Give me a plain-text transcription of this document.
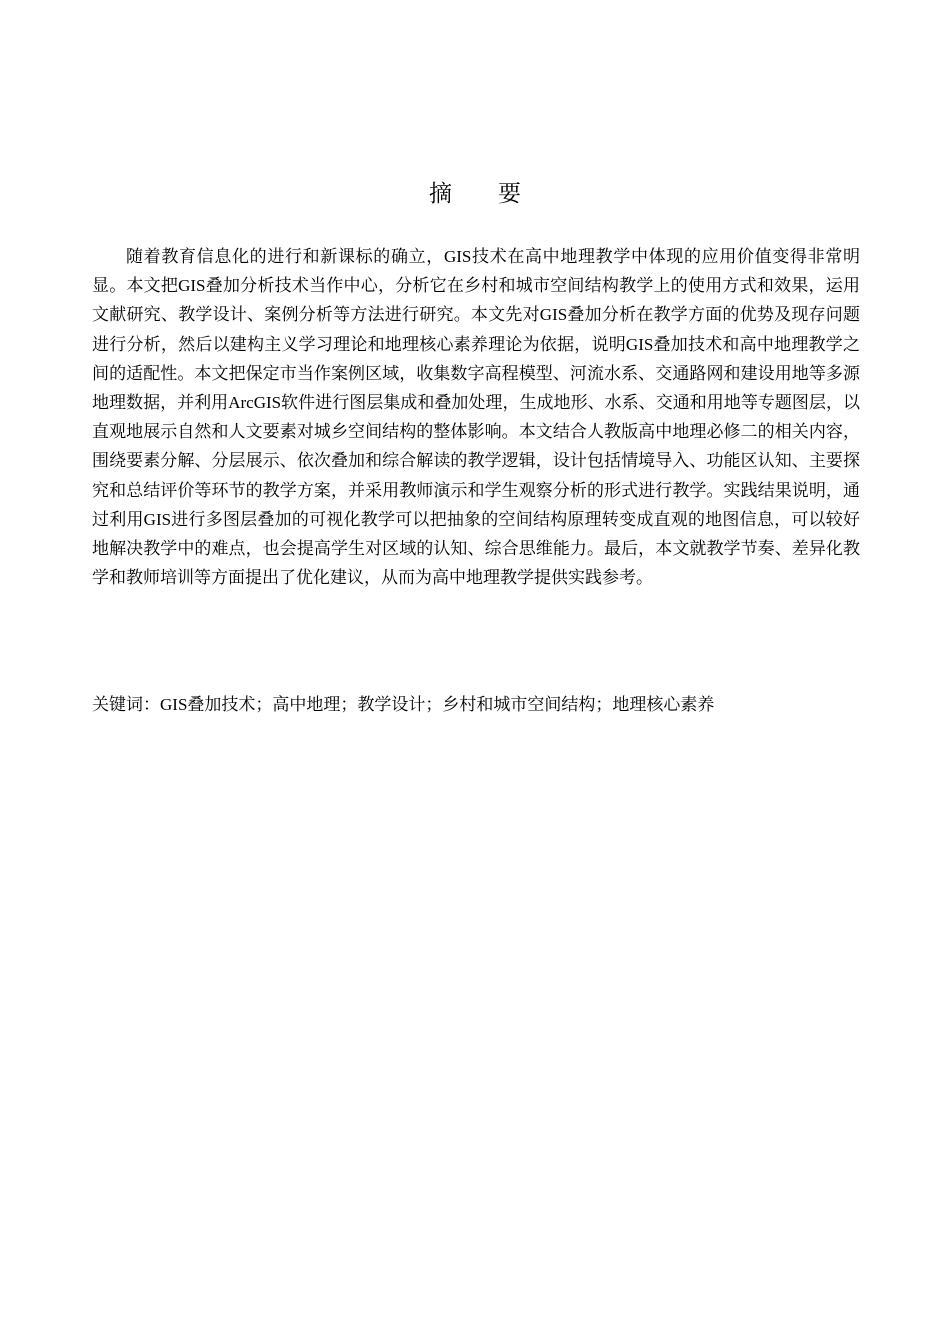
摘 要

随着教育信息化的进行和新课标的确立，GIS技术在高中地理教学中体现的应用价值变得非常明显。本文把GIS叠加分析技术当作中心，分析它在乡村和城市空间结构教学上的使用方式和效果，运用文献研究、教学设计、案例分析等方法进行研究。本文先对GIS叠加分析在教学方面的优势及现存问题进行分析，然后以建构主义学习理论和地理核心素养理论为依据，说明GIS叠加技术和高中地理教学之间的适配性。本文把保定市当作案例区域，收集数字高程模型、河流水系、交通路网和建设用地等多源地理数据，并利用ArcGIS软件进行图层集成和叠加处理，生成地形、水系、交通和用地等专题图层，以直观地展示自然和人文要素对城乡空间结构的整体影响。本文结合人教版高中地理必修二的相关内容，围绕要素分解、分层展示、依次叠加和综合解读的教学逻辑，设计包括情境导入、功能区认知、主要探究和总结评价等环节的教学方案，并采用教师演示和学生观察分析的形式进行教学。实践结果说明，通过利用GIS进行多图层叠加的可视化教学可以把抽象的空间结构原理转变成直观的地图信息，可以较好地解决教学中的难点，也会提高学生对区域的认知、综合思维能力。最后，本文就教学节奏、差异化教学和教师培训等方面提出了优化建议，从而为高中地理教学提供实践参考。

关键词：GIS叠加技术；高中地理；教学设计；乡村和城市空间结构；地理核心素养
